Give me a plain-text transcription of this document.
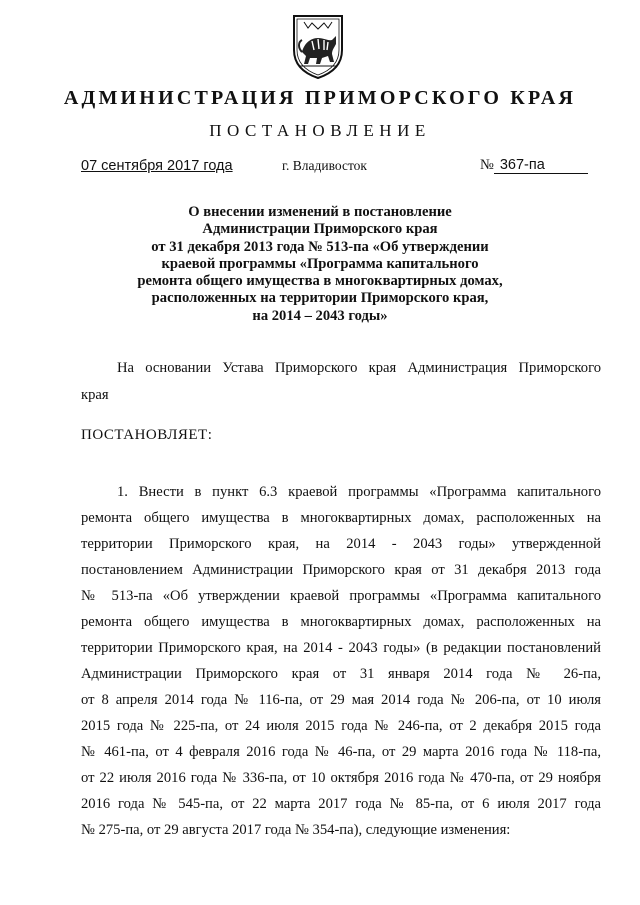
АДМИНИСТРАЦИЯ ПРИМОРСКОГО КРАЯ
ПОСТАНОВЛЕНИЕ
07 сентября 2017 года	г. Владивосток	№ 367-па
О внесении изменений в постановление
Администрации Приморского края
от 31 декабря 2013 года № 513-па «Об утверждении
краевой программы «Программа капитального
ремонта общего имущества в многоквартирных домах,
расположенных на территории Приморского края,
на 2014 – 2043 годы»
На основании Устава Приморского края Администрация Приморского
края
ПОСТАНОВЛЯЕТ:
1. Внести в пункт 6.3 краевой программы «Программа капитального
ремонта общего имущества в многоквартирных домах, расположенных на
территории Приморского края, на 2014 - 2043 годы» утвержденной
постановлением Администрации Приморского края от 31 декабря 2013 года
№ 513-па «Об утверждении краевой программы «Программа капитального
ремонта общего имущества в многоквартирных домах, расположенных на
территории Приморского края, на 2014 - 2043 годы» (в редакции постановлений
Администрации Приморского края от 31 января 2014 года № 26-па,
от 8 апреля 2014 года № 116-па, от 29 мая 2014 года № 206-па, от 10 июля
2015 года № 225-па, от 24 июля 2015 года № 246-па, от 2 декабря 2015 года
№ 461-па, от 4 февраля 2016 года № 46-па, от 29 марта 2016 года № 118-па,
от 22 июля 2016 года № 336-па, от 10 октября 2016 года № 470-па, от 29 ноября
2016 года № 545-па, от 22 марта 2017 года № 85-па, от 6 июля 2017 года
№ 275-па, от 29 августа 2017 года № 354-па), следующие изменения:
